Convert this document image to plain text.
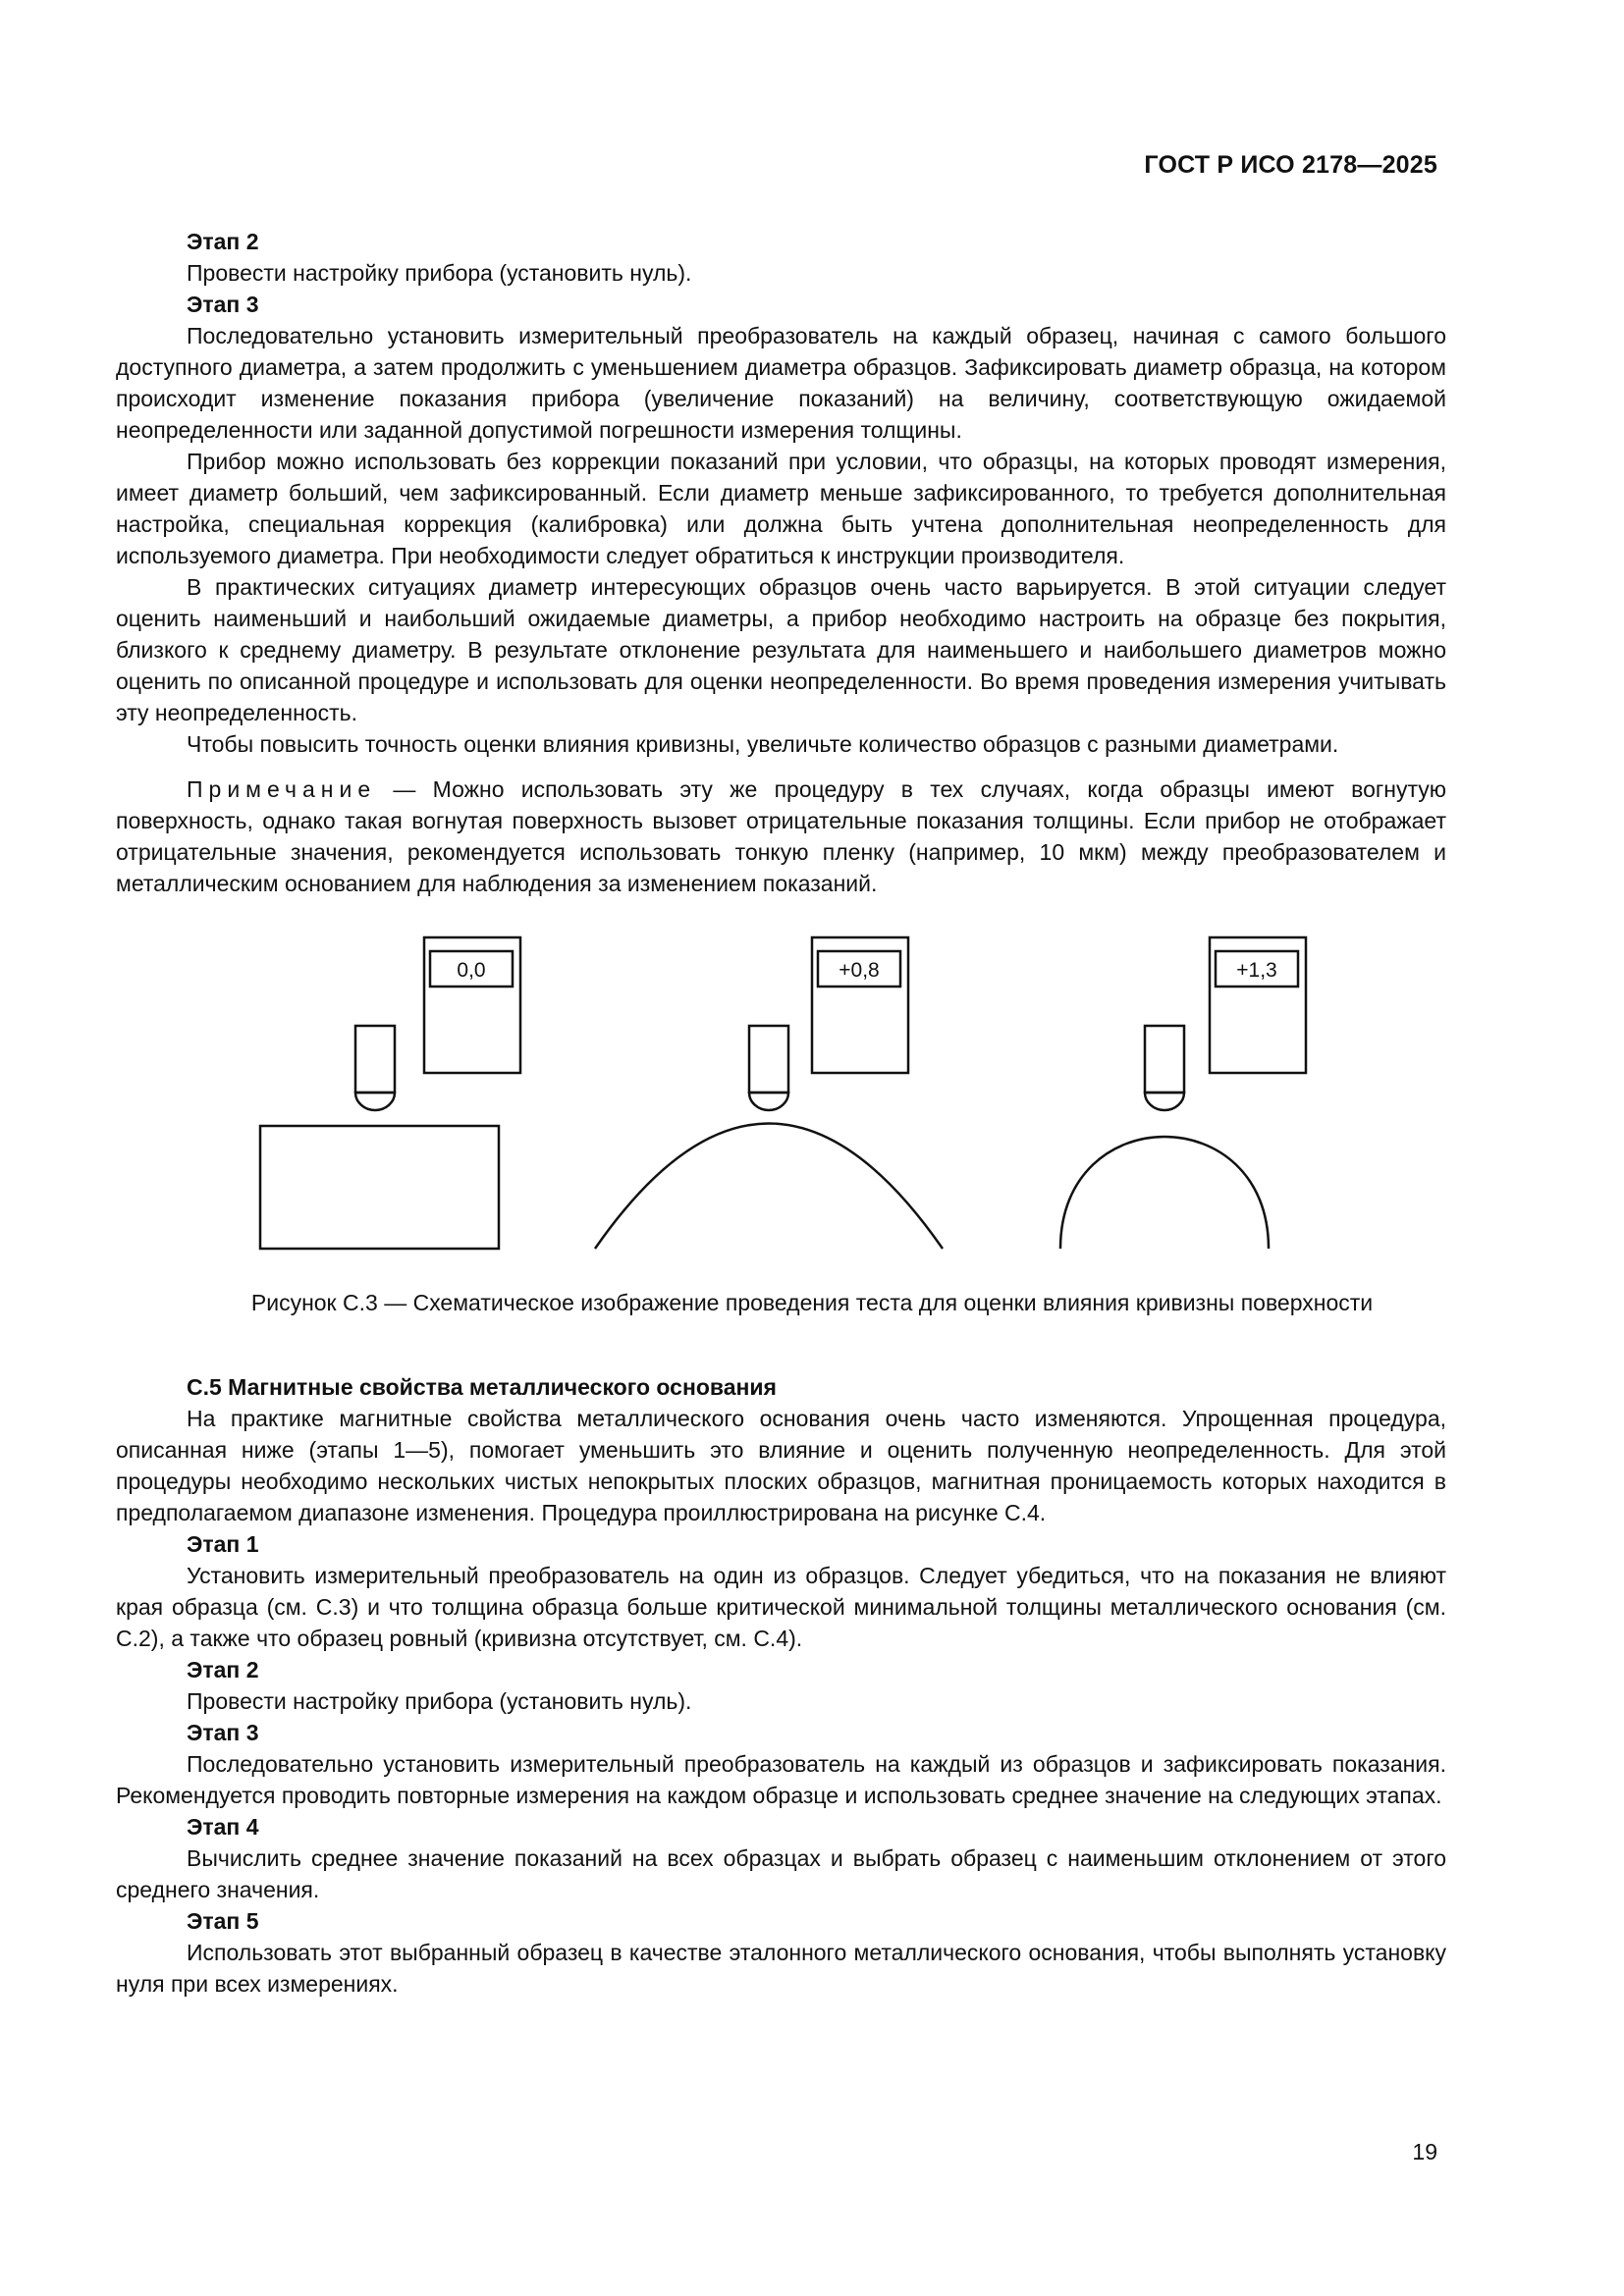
ГОСТ Р ИСО 2178—2025
Этап 2
Провести настройку прибора (установить нуль).
Этап 3

Последовательно установить измерительный преобразователь на каждый образец, начиная с самого большого доступного диаметра, а затем продолжить с уменьшением диаметра образцов. Зафиксировать диаметр образца, на котором происходит изменение показания прибора (увеличение показаний) на величину, соответствующую ожидаемой неопределенности или заданной допустимой погрешности измерения толщины.

Прибор можно использовать без коррекции показаний при условии, что образцы, на которых проводят измерения, имеет диаметр больший, чем зафиксированный. Если диаметр меньше зафиксированного, то требуется дополнительная настройка, специальная коррекция (калибровка) или должна быть учтена дополнительная неопределенность для используемого диаметра. При необходимости следует обратиться к инструкции производителя.

В практических ситуациях диаметр интересующих образцов очень часто варьируется. В этой ситуации следует оценить наименьший и наибольший ожидаемые диаметры, а прибор необходимо настроить на образце без покрытия, близкого к среднему диаметру. В результате отклонение результата для наименьшего и наибольшего диаметров можно оценить по описанной процедуре и использовать для оценки неопределенности. Во время проведения измерения учитывать эту неопределенность.

Чтобы повысить точность оценки влияния кривизны, увеличьте количество образцов с разными диаметрами.

Примечание — Можно использовать эту же процедуру в тех случаях, когда образцы имеют вогнутую поверхность, однако такая вогнутая поверхность вызовет отрицательные показания толщины. Если прибор не отображает отрицательные значения, рекомендуется использовать тонкую пленку (например, 10 мкм) между преобразователем и металлическим основанием для наблюдения за изменением показаний.

0,0	+0,8	+1,3
Рисунок С.3 — Схематическое изображение проведения теста для оценки влияния кривизны поверхности
С.5 Магнитные свойства металлического основания

На практике магнитные свойства металлического основания очень часто изменяются. Упрощенная процедура, описанная ниже (этапы 1—5), помогает уменьшить это влияние и оценить полученную неопределенность. Для этой процедуры необходимо нескольких чистых непокрытых плоских образцов, магнитная проницаемость которых находится в предполагаемом диапазоне изменения. Процедура проиллюстрирована на рисунке С.4.

Этап 1

Установить измерительный преобразователь на один из образцов. Следует убедиться, что на показания не влияют края образца (см. С.3) и что толщина образца больше критической минимальной толщины металлического основания (см. С.2), а также что образец ровный (кривизна отсутствует, см. С.4).

Этап 2
Провести настройку прибора (установить нуль).
Этап 3

Последовательно установить измерительный преобразователь на каждый из образцов и зафиксировать показания. Рекомендуется проводить повторные измерения на каждом образце и использовать среднее значение на следующих этапах.

Этап 4

Вычислить среднее значение показаний на всех образцах и выбрать образец с наименьшим отклонением от этого среднего значения.

Этап 5

Использовать этот выбранный образец в качестве эталонного металлического основания, чтобы выполнять установку нуля при всех измерениях.

19
